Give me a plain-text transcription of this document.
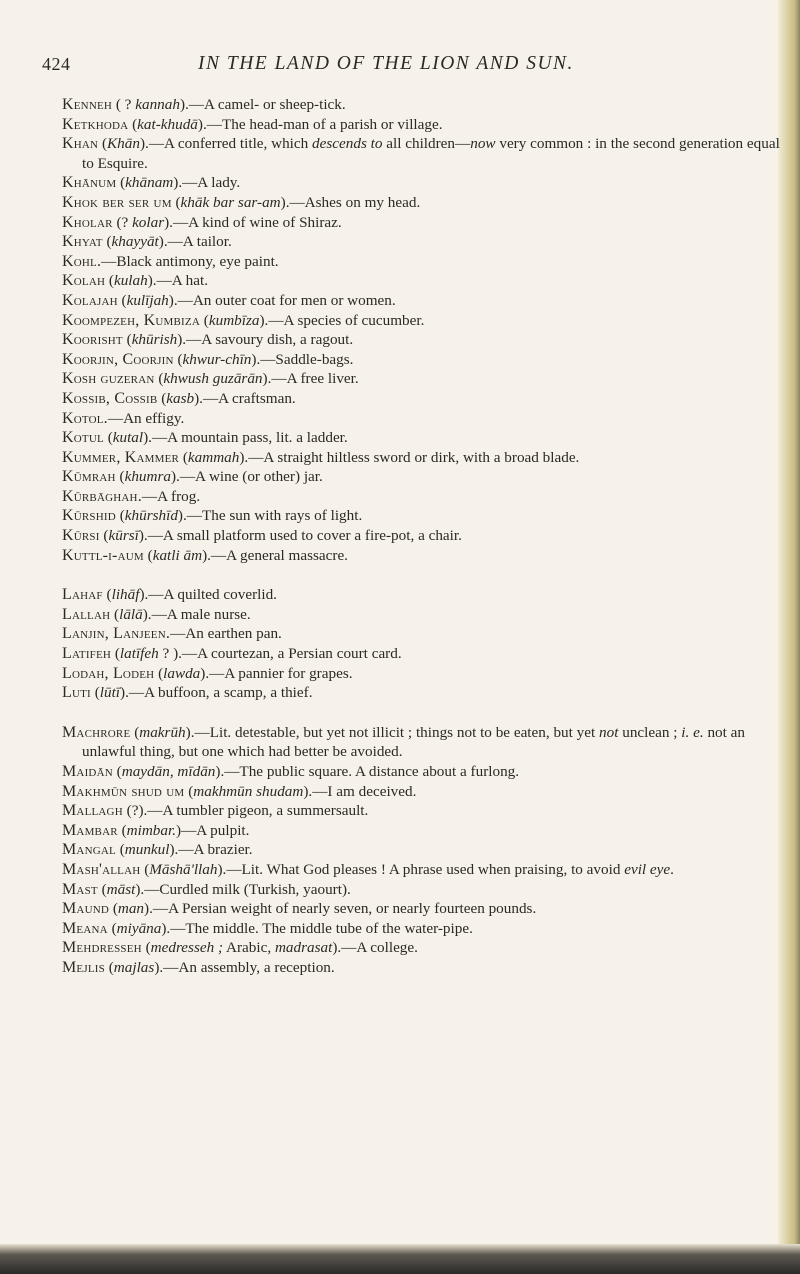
424	IN THE LAND OF THE LION AND SUN.

Kenneh ( ? kannah).—A camel- or sheep-tick.

Ketkhoda (kat-khudā).—The head-man of a parish or village.

Khan (Khān).—A conferred title, which descends to all children—now very common : in the second generation equal to Esquire.

Khānum (khānam).—A lady.

Khok ber ser um (khāk bar sar-am).—Ashes on my head.

Kholar (? kolar).—A kind of wine of Shiraz.

Khyat (khayyāt).—A tailor.

Kohl.—Black antimony, eye paint.

Kolah (kulah).—A hat.

Kolajah (kulījah).—An outer coat for men or women.

Koompezeh, Kumbiza (kumbīza).—A species of cucumber.

Koorisht (khūrish).—A savoury dish, a ragout.

Koorjin, Coorjin (khwur-chīn).—Saddle-bags.

Kosh guzeran (khwush guzārān).—A free liver.

Kossib, Cossib (kasb).—A craftsman.

Kotol.—An effigy.

Kotul (kutal).—A mountain pass, lit. a ladder.

Kummer, Kammer (kammah).—A straight hiltless sword or dirk, with a broad blade.

Kūmrah (khumra).—A wine (or other) jar.

Kūrbāghah.—A frog.

Kūrshid (khūrshīd).—The sun with rays of light.

Kūrsi (kūrsī).—A small platform used to cover a fire-pot, a chair.

Kuttl-i-aum (katli ām).—A general massacre.

Lahaf (lihāf).—A quilted coverlid.

Lallah (lālā).—A male nurse.

Lanjin, Lanjeen.—An earthen pan.

Latifeh (latīfeh ? ).—A courtezan, a Persian court card.

Lodah, Lodeh (lawda).—A pannier for grapes.

Luti (lūtī).—A buffoon, a scamp, a thief.

Machrore (makrūh).—Lit. detestable, but yet not illicit ; things not to be eaten, but yet not unclean ; i. e. not an unlawful thing, but one which had better be avoided.

Maidān (maydān, mīdān).—The public square. A distance about a furlong.

Makhmūn shud um (makhmūn shudam).—I am deceived.

Mallagh (?).—A tumbler pigeon, a summersault.

Mambar (mimbar.)—A pulpit.

Mangal (munkul).—A brazier.

Mash'allah (Māshā'llah).—Lit. What God pleases ! A phrase used when praising, to avoid evil eye.

Mast (māst).—Curdled milk (Turkish, yaourt).

Maund (man).—A Persian weight of nearly seven, or nearly fourteen pounds.

Meana (miyāna).—The middle. The middle tube of the water-pipe.

Mehdresseh (medresseh ; Arabic, madrasat).—A college.

Mejlis (majlas).—An assembly, a reception.
